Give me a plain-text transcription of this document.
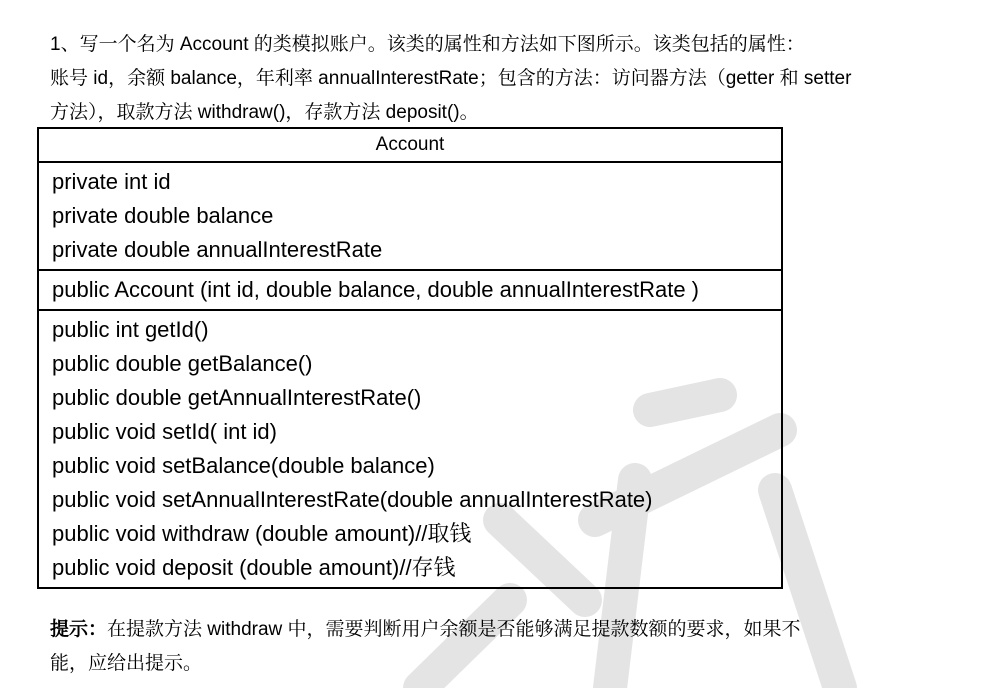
1、写一个名为 Account 的类模拟账户。该类的属性和方法如下图所示。该类包括的属性：

账号 id，余额 balance，年利率 annualInterestRate；包含的方法：访问器方法（getter 和 setter

方法），取款方法 withdraw()，存款方法 deposit()。

Account
private int id
private double balance
private double annualInterestRate
public Account (int id, double balance, double annualInterestRate )
public int getId()
public double getBalance()
public double getAnnualInterestRate()
public void setId( int id)
public void setBalance(double balance)
public void setAnnualInterestRate(double annualInterestRate)
public void withdraw (double amount)//取钱
public void deposit (double amount)//存钱

提示：在提款方法 withdraw 中，需要判断用户余额是否能够满足提款数额的要求，如果不

能，应给出提示。
